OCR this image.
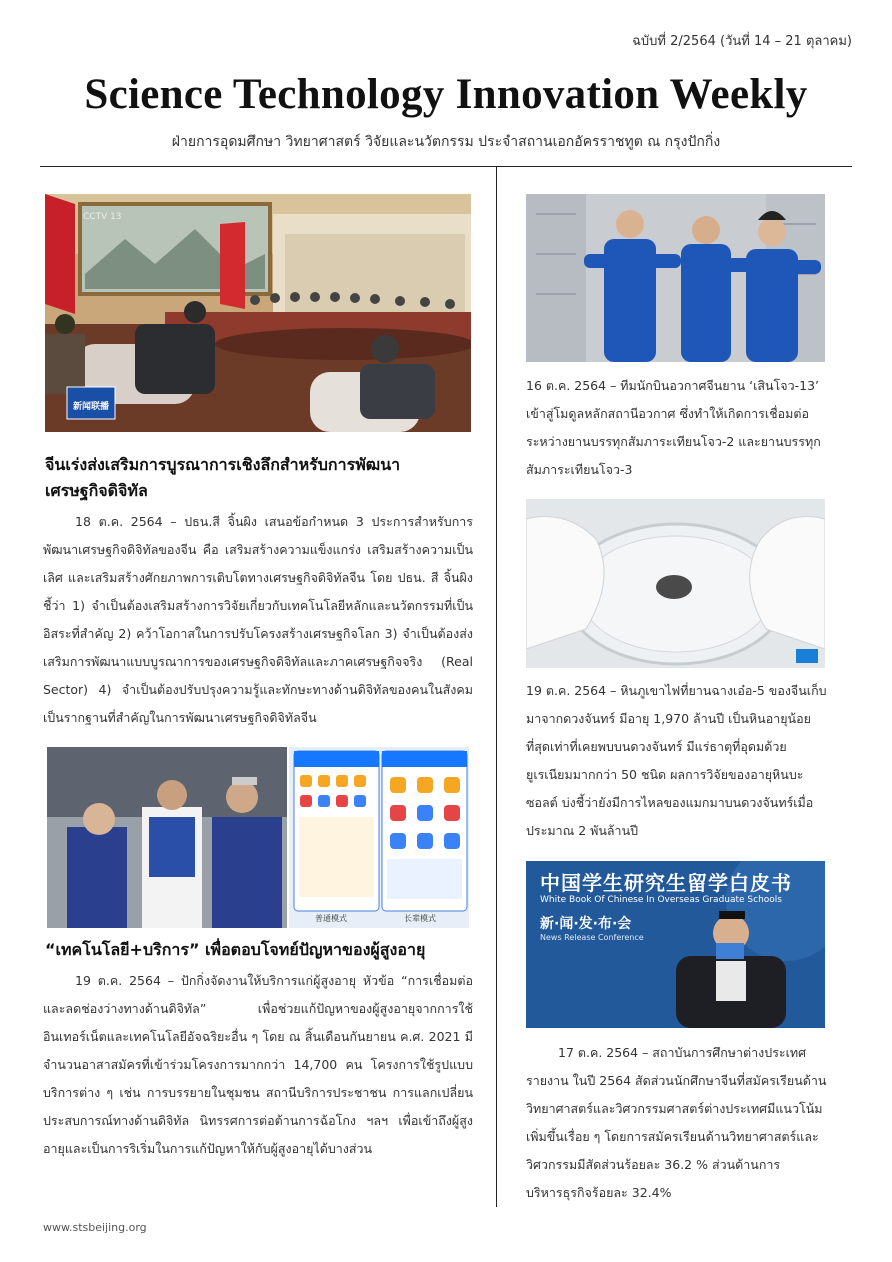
ฉบับที่ 2/2564 (วันที่ 14 – 21 ตุลาคม)
Science Technology Innovation Weekly
ฝ่ายการอุดมศึกษา วิทยาศาสตร์ วิจัยและนวัตกรรม ประจำสถานเอกอัครราชทูต ณ กรุงปักกิ่ง
CCTV 13
新闻联播
จีนเร่งส่งเสริมการบูรณาการเชิงลึกสำหรับการพัฒนาเศรษฐกิจดิจิทัล
18 ต.ค. 2564 – ปธน.สี จิ้นผิง เสนอข้อกำหนด 3 ประการสำหรับการพัฒนาเศรษฐกิจดิจิทัลของจีน คือ เสริมสร้างความแข็งแกร่ง เสริมสร้างความเป็นเลิศ และเสริมสร้างศักยภาพการเติบโตทางเศรษฐกิจดิจิทัลจีน โดย ปธน. สี จิ้นผิง ชี้ว่า 1) จำเป็นต้องเสริมสร้างการวิจัยเกี่ยวกับเทคโนโลยีหลักและนวัตกรรมที่เป็นอิสระที่สำคัญ 2) คว้าโอกาสในการปรับโครงสร้างเศรษฐกิจโลก 3) จำเป็นต้องส่งเสริมการพัฒนาแบบบูรณาการของเศรษฐกิจดิจิทัลและภาคเศรษฐกิจจริง (Real Sector) 4) จำเป็นต้องปรับปรุงความรู้และทักษะทางด้านดิจิทัลของคนในสังคม เป็นรากฐานที่สำคัญในการพัฒนาเศรษฐกิจดิจิทัลจีน
普通模式	长辈模式
“เทคโนโลยี+บริการ” เพื่อตอบโจทย์ปัญหาของผู้สูงอายุ
19 ต.ค. 2564 – ปักกิ่งจัดงานให้บริการแก่ผู้สูงอายุ หัวข้อ “การเชื่อมต่อและลดช่องว่างทางด้านดิจิทัล” เพื่อช่วยแก้ปัญหาของผู้สูงอายุจากการใช้อินเทอร์เน็ตและเทคโนโลยีอัจฉริยะอื่น ๆ โดย ณ สิ้นเดือนกันยายน ค.ศ. 2021 มีจำนวนอาสาสมัครที่เข้าร่วมโครงการมากกว่า 14,700 คน โครงการใช้รูปแบบบริการต่าง ๆ เช่น การบรรยายในชุมชน สถานีบริการประชาชน การแลกเปลี่ยนประสบการณ์ทางด้านดิจิทัล นิทรรศการต่อต้านการฉ้อโกง ฯลฯ เพื่อเข้าถึงผู้สูงอายุและเป็นการริเริ่มในการแก้ปัญหาให้กับผู้สูงอายุได้บางส่วน
16 ต.ค. 2564 – ทีมนักบินอวกาศจีนยาน ‘เสินโจว-13’ เข้าสู่โมดูลหลักสถานีอวกาศ ซึ่งทำให้เกิดการเชื่อมต่อระหว่างยานบรรทุกสัมภาระเทียนโจว-2 และยานบรรทุกสัมภาระเทียนโจว-3
19 ต.ค. 2564 – หินภูเขาไฟที่ยานฉางเอ๋อ-5 ของจีนเก็บมาจากดวงจันทร์ มีอายุ 1,970 ล้านปี เป็นหินอายุน้อยที่สุดเท่าที่เคยพบบนดวงจันทร์ มีแร่ธาตุที่อุดมด้วยยูเรเนียมมากกว่า 50 ชนิด ผลการวิจัยของอายุหินบะซอลต์ บ่งชี้ว่ายังมีการไหลของแมกมาบนดวงจันทร์เมื่อประมาณ 2 พันล้านปี
中国学生研究生留学白皮书
White Book Of Chinese In Overseas Graduate Schools
新·闻·发·布·会
News Release Conference
17 ต.ค. 2564 – สถาบันการศึกษาต่างประเทศรายงาน ในปี 2564 สัดส่วนนักศึกษาจีนที่สมัครเรียนด้านวิทยาศาสตร์และวิศวกรรมศาสตร์ต่างประเทศมีแนวโน้มเพิ่มขึ้นเรื่อย ๆ โดยการสมัครเรียนด้านวิทยาศาสตร์และวิศวกรรมมีสัดส่วนร้อยละ 36.2 % ส่วนด้านการบริหารธุรกิจร้อยละ 32.4%
www.stsbeijing.org
